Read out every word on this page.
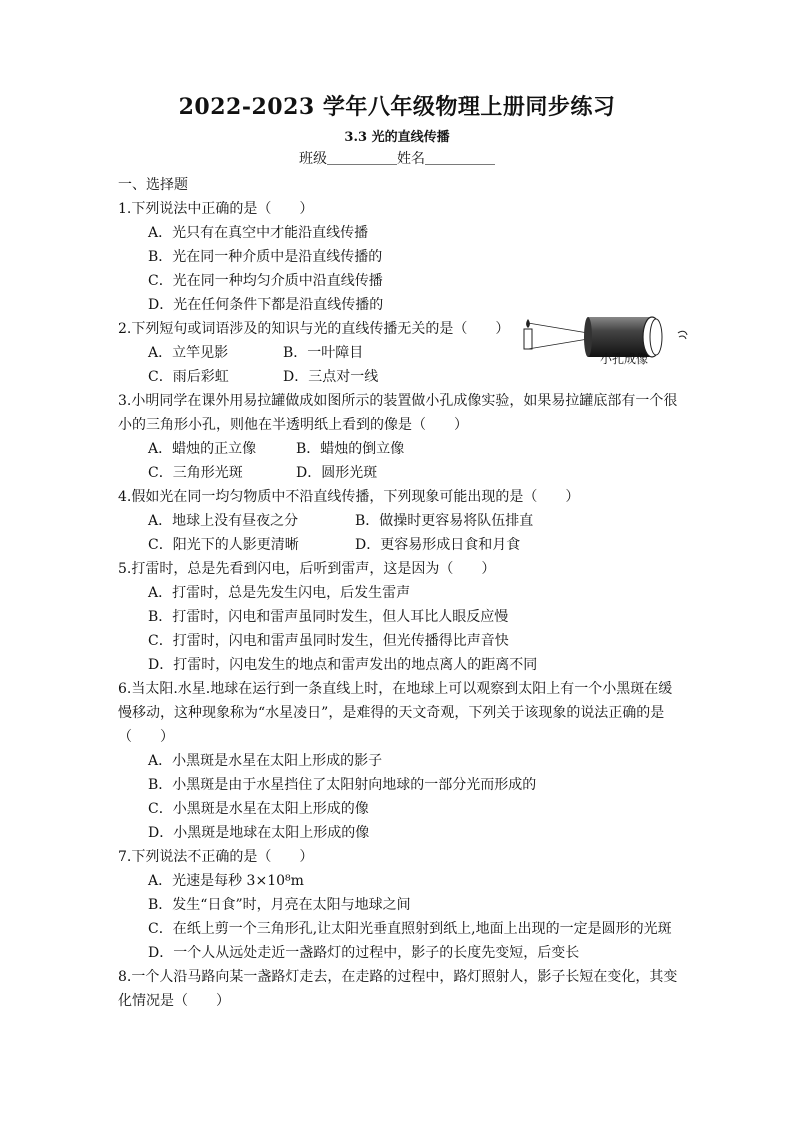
2022-2023 学年八年级物理上册同步练习
3.3 光的直线传播
班级＿＿＿＿＿姓名＿＿＿＿＿
一、选择题
1.下列说法中正确的是（　　）
A．光只有在真空中才能沿直线传播
B．光在同一种介质中是沿直线传播的
C．光在同一种均匀介质中沿直线传播
D．光在任何条件下都是沿直线传播的
2.下列短句或词语涉及的知识与光的直线传播无关的是（　　）
A．立竿见影	B．一叶障目
C．雨后彩虹	D．三点对一线
小孔成像
3.小明同学在课外用易拉罐做成如图所示的装置做小孔成像实验，如果易拉罐底部有一个很
小的三角形小孔，则他在半透明纸上看到的像是（　　）
A．蜡烛的正立像	B．蜡烛的倒立像
C．三角形光斑	D．圆形光斑
4.假如光在同一均匀物质中不沿直线传播，下列现象可能出现的是（　　）
A．地球上没有昼夜之分	B．做操时更容易将队伍排直
C．阳光下的人影更清晰	D．更容易形成日食和月食
5.打雷时，总是先看到闪电，后听到雷声，这是因为（　　）
A．打雷时，总是先发生闪电，后发生雷声
B．打雷时，闪电和雷声虽同时发生，但人耳比人眼反应慢
C．打雷时，闪电和雷声虽同时发生，但光传播得比声音快
D．打雷时，闪电发生的地点和雷声发出的地点离人的距离不同
6.当太阳.水星.地球在运行到一条直线上时，在地球上可以观察到太阳上有一个小黑斑在缓
慢移动，这种现象称为“水星凌日”，是难得的天文奇观，下列关于该现象的说法正确的是
（　　）
A．小黑斑是水星在太阳上形成的影子
B．小黑斑是由于水星挡住了太阳射向地球的一部分光而形成的
C．小黑斑是水星在太阳上形成的像
D．小黑斑是地球在太阳上形成的像
7.下列说法不正确的是（　　）
A．光速是每秒 3×10⁸m
B．发生“日食”时，月亮在太阳与地球之间
C．在纸上剪一个三角形孔,让太阳光垂直照射到纸上,地面上出现的一定是圆形的光斑
D．一个人从远处走近一盏路灯的过程中，影子的长度先变短，后变长
8.一个人沿马路向某一盏路灯走去，在走路的过程中，路灯照射人，影子长短在变化，其变
化情况是（　　）
